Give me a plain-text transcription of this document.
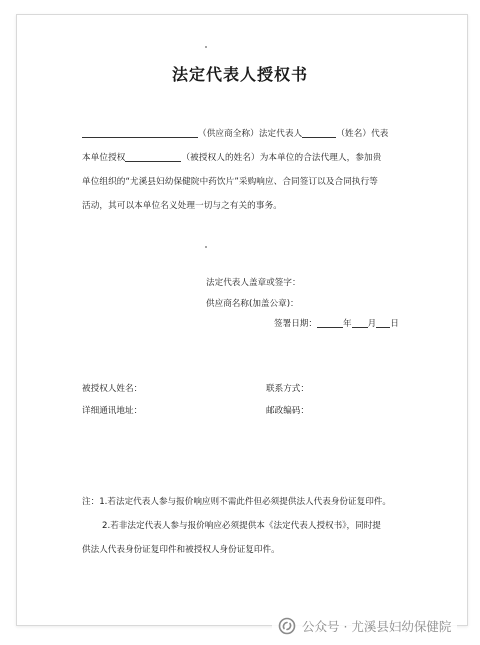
法定代表人授权书
（供应商全称）法定代表人	（姓名）代表
本单位授权	（被授权人的姓名）为本单位的合法代理人，参加贵
单位组织的“尤溪县妇幼保健院中药饮片”采购响应、合同签订以及合同执行等
活动，其可以本单位名义处理一切与之有关的事务。
法定代表人盖章或签字：
供应商名称(加盖公章)：
签署日期：	年 月 日
被授权人姓名：	联系方式：
详细通讯地址：	邮政编码：
注：1.若法定代表人参与报价响应则不需此件但必须提供法人代表身份证复印件。
2.若非法定代表人参与报价响应必须提供本《法定代表人授权书》，同时提
供法人代表身份证复印件和被授权人身份证复印件。
公众号 · 尤溪县妇幼保健院
